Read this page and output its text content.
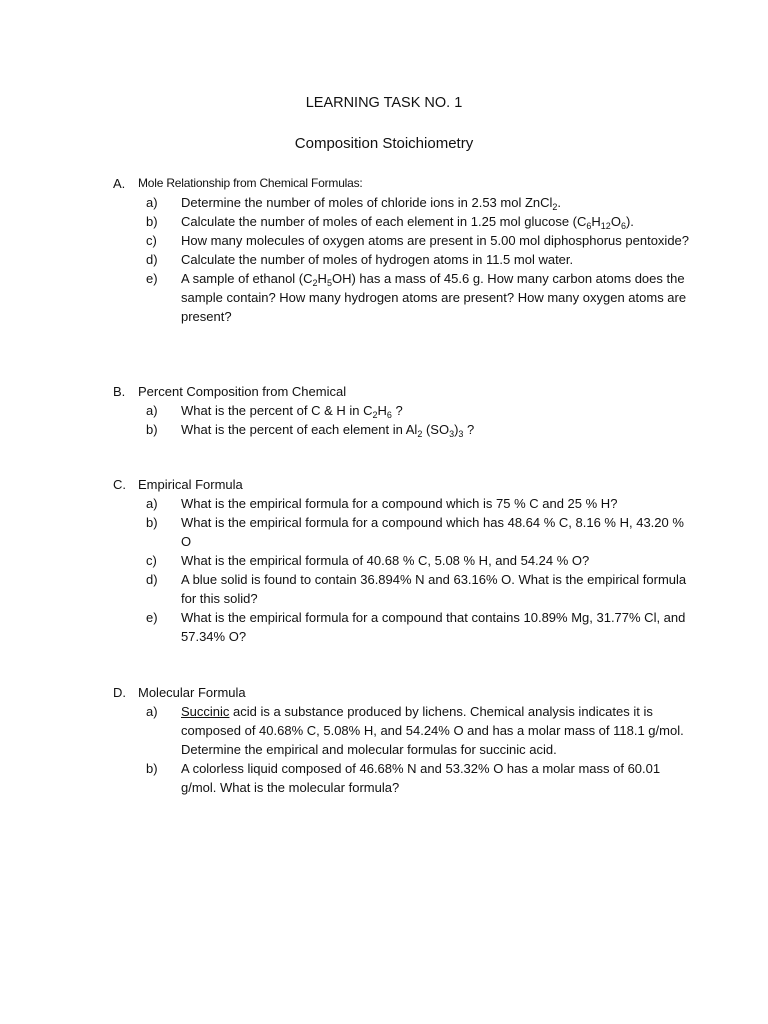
LEARNING TASK NO. 1
Composition Stoichiometry
A.	Mole Relationship from Chemical Formulas:
a)	Determine the number of moles of chloride ions in 2.53 mol ZnCl$_2$.
b)	Calculate the number of moles of each element in 1.25 mol glucose $(C_6H_{12}O_6)$.
c)	How many molecules of oxygen atoms are present in 5.00 mol diphosphorus pentoxide?
d)	Calculate the number of moles of hydrogen atoms in 11.5 mol water.
e)	A sample of ethanol $(C_2H_5OH)$ has a mass of 45.6 g. How many carbon atoms does the sample contain? How many hydrogen atoms are present? How many oxygen atoms are present?
B. Percent Composition from Chemical
a)	What is the percent of C & H in $C_2H_6$ ?
b)	What is the percent of each element in $Al_2$ $(SO_3)_3$ ?
C. Empirical Formula
a)	What is the empirical formula for a compound which is 75 % C and 25 % H?
b)	What is the empirical formula for a compound which has 48.64 % C, 8.16 % H, 43.20 % O
c)	What is the empirical formula of 40.68 % C, 5.08 % H, and 54.24 % O?
d)	A blue solid is found to contain 36.894% N and 63.16% O. What is the empirical formula for this solid?
e)	What is the empirical formula for a compound that contains 10.89% Mg, 31.77% Cl, and 57.34% O?
D. Molecular Formula
a)	Succinic acid is a substance produced by lichens. Chemical analysis indicates it is composed of 40.68% C, 5.08% H, and 54.24% O and has a molar mass of 118.1 g/mol. Determine the empirical and molecular formulas for succinic acid.
b)	A colorless liquid composed of 46.68% N and 53.32% O has a molar mass of 60.01 g/mol. What is the molecular formula?
